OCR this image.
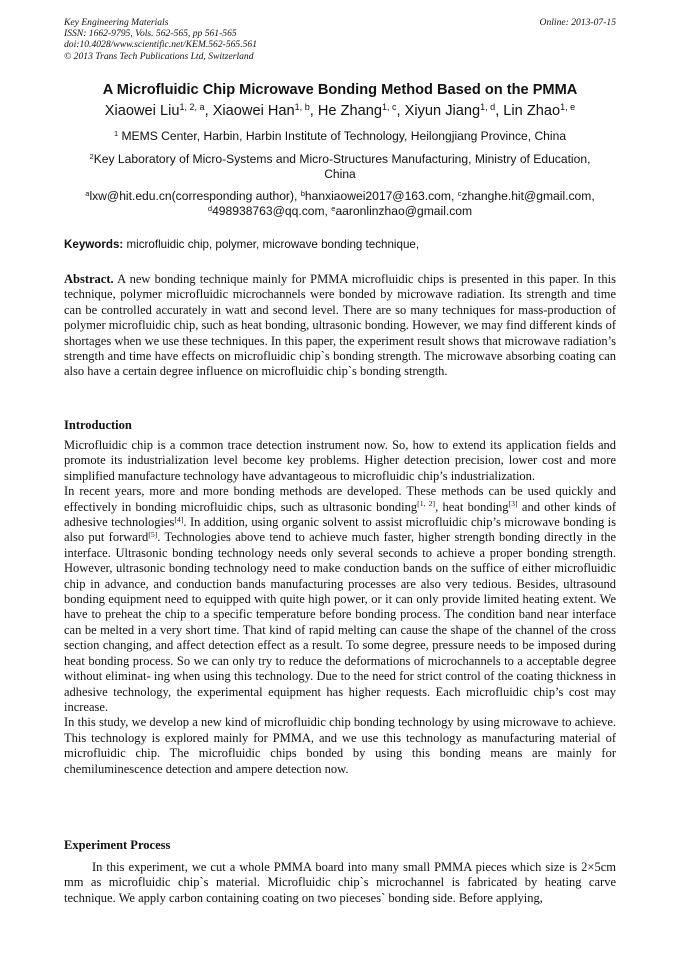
Key Engineering Materials
ISSN: 1662-9795, Vols. 562-565, pp 561-565
doi:10.4028/www.scientific.net/KEM.562-565.561
© 2013 Trans Tech Publications Ltd, Switzerland
Online: 2013-07-15
A Microfluidic Chip Microwave Bonding Method Based on the PMMA
Xiaowei Liu$^{1, 2, a}$, Xiaowei Han$^{1, b}$, He Zhang$^{1, c}$, Xiyun Jiang$^{1, d}$, Lin Zhao$^{1, e}$
$^1$ MEMS Center, Harbin, Harbin Institute of Technology, Heilongjiang Province, China
$^2$Key Laboratory of Micro-Systems and Micro-Structures Manufacturing, Ministry of Education,
China
$^a$lxw@hit.edu.cn(corresponding author), $^b$hanxiaowei2017@163.com, $^c$zhanghe.hit@gmail.com,
$^d$498938763@qq.com, $^e$aaronlinzhao@gmail.com
Keywords: microfluidic chip, polymer, microwave bonding technique,

Abstract. A new bonding technique mainly for PMMA microfluidic chips is presented in this paper. In this technique, polymer microfluidic microchannels were bonded by microwave radiation. Its strength and time can be controlled accurately in watt and second level. There are so many techniques for mass-production of polymer microfluidic chip, such as heat bonding, ultrasonic bonding. However, we may find different kinds of shortages when we use these techniques. In this paper, the experiment result shows that microwave radiation’s strength and time have effects on microfluidic chip`s bonding strength. The microwave absorbing coating can also have a certain degree influence on microfluidic chip`s bonding strength.

Introduction

Microfluidic chip is a common trace detection instrument now. So, how to extend its application fields and promote its industrialization level become key problems. Higher detection precision, lower cost and more simplified manufacture technology have advantageous to microfluidic chip’s industrialization.

In recent years, more and more bonding methods are developed. These methods can be used quickly and effectively in bonding microfluidic chips, such as ultrasonic bonding[1, 2], heat bonding[3] and other kinds of adhesive technologies[4]. In addition, using organic solvent to assist microfluidic chip’s microwave bonding is also put forward[5]. Technologies above tend to achieve much faster, higher strength bonding directly in the interface. Ultrasonic bonding technology needs only several seconds to achieve a proper bonding strength. However, ultrasonic bonding technology need to make conduction bands on the suffice of either microfluidic chip in advance, and conduction bands manufacturing processes are also very tedious. Besides, ultrasound bonding equipment need to equipped with quite high power, or it can only provide limited heating extent. We have to preheat the chip to a specific temperature before bonding process. The condition band near interface can be melted in a very short time. That kind of rapid melting can cause the shape of the channel of the cross section changing, and affect detection effect as a result. To some degree, pressure needs to be imposed during heat bonding process. So we can only try to reduce the deformations of microchannels to a acceptable degree without eliminat- ing when using this technology. Due to the need for strict control of the coating thickness in adhesive technology, the experimental equipment has higher requests. Each microfluidic chip’s cost may increase.

In this study, we develop a new kind of microfluidic chip bonding technology by using microwave to achieve. This technology is explored mainly for PMMA, and we use this technology as manufacturing material of microfluidic chip. The microfluidic chips bonded by using this bonding means are mainly for chemiluminescence detection and ampere detection now.

Experiment Process

In this experiment, we cut a whole PMMA board into many small PMMA pieces which size is 2×5cm mm as microfluidic chip`s material. Microfluidic chip`s microchannel is fabricated by heating carve technique. We apply carbon containing coating on two pieceses` bonding side. Before applying,
